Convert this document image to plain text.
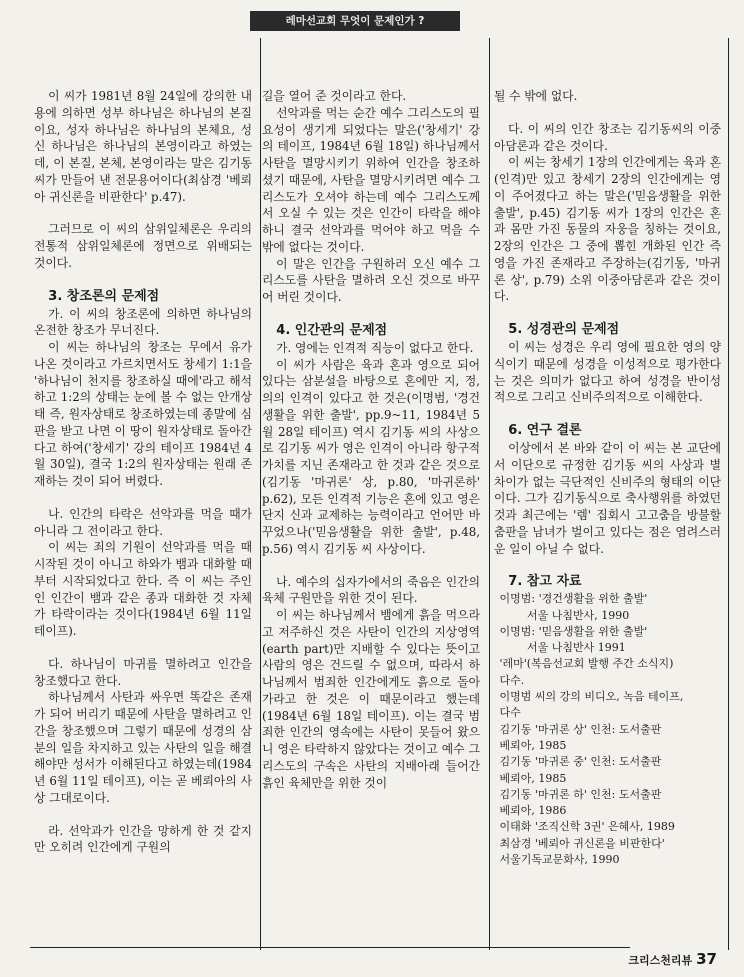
레마선교회 무엇이 문제인가 ?

이 씨가 1981년 8월 24일에 강의한 내용에 의하면 성부 하나님은 하나님의 본질이요, 성자 하나님은 하나님의 본체요, 성신 하나님은 하나님의 본영이라고 하였는데, 이 본질, 본체, 본영이라는 말은 김기동 씨가 만들어 낸 전문용어이다(최삼경 '베뢰아 귀신론을 비판한다' p.47).

그러므로 이 씨의 삼위일체론은 우리의 전통적 삼위일체론에 정면으로 위배되는 것이다.

3. 창조론의 문제점

가. 이 씨의 창조론에 의하면 하나님의 온전한 창조가 무너진다.

이 씨는 하나님의 창조는 무에서 유가 나온 것이라고 가르치면서도 창세기 1:1을 '하나님이 천지를 창조하실 때에'라고 해석하고 1:2의 상태는 눈에 볼 수 없는 안개상태 즉, 원자상태로 창조하였는데 종말에 심판을 받고 나면 이 땅이 원자상태로 돌아간다고 하여('창세기' 강의 테이프 1984년 4월 30일), 결국 1:2의 원자상태는 원래 존재하는 것이 되어 버렸다.

나. 인간의 타락은 선악과를 먹을 때가 아니라 그 전이라고 한다.

이 씨는 죄의 기원이 선악과를 먹을 때 시작된 것이 아니고 하와가 뱀과 대화할 때부터 시작되었다고 한다. 즉 이 씨는 주인인 인간이 뱀과 같은 종과 대화한 것 자체가 타락이라는 것이다(1984년 6월 11일 테이프).

다. 하나님이 마귀를 멸하려고 인간을 창조했다고 한다.

하나님께서 사탄과 싸우면 똑같은 존재가 되어 버리기 때문에 사탄을 멸하려고 인간을 창조했으며 그렇기 때문에 성경의 삼분의 일을 차지하고 있는 사탄의 일을 해결해야만 성서가 이해된다고 하였는데(1984년 6월 11일 테이프), 이는 곧 베뢰아의 사상 그대로이다.

라. 선악과가 인간을 망하게 한 것 같지만 오히려 인간에게 구원의

길을 열어 준 것이라고 한다.

선악과를 먹는 순간 예수 그리스도의 필요성이 생기게 되었다는 말은('창세기' 강의 테이프, 1984년 6월 18일) 하나님께서 사탄을 멸망시키기 위하여 인간을 창조하셨기 때문에, 사탄을 멸망시키려면 예수 그리스도가 오셔야 하는데 예수 그리스도께서 오실 수 있는 것은 인간이 타락을 해야하니 결국 선악과를 먹어야 하고 먹을 수 밖에 없다는 것이다.

이 말은 인간을 구원하러 오신 예수 그리스도를 사탄을 멸하려 오신 것으로 바꾸어 버린 것이다.

4. 인간관의 문제점

가. 영에는 인격적 직능이 없다고 한다.

이 씨가 사람은 육과 혼과 영으로 되어 있다는 삼분설을 바탕으로 혼에만 지, 정, 의의 인격이 있다고 한 것은(이명범, '경건생활을 위한 출발', pp.9~11, 1984년 5월 28일 테이프) 역시 김기동 씨의 사상으로 김기동 씨가 영은 인격이 아니라 항구적 가치를 지닌 존재라고 한 것과 같은 것으로(김기동 '마귀론' 상, p.80, '마귀론하' p.62), 모든 인격적 기능은 혼에 있고 영은 단지 신과 교제하는 능력이라고 언어만 바꾸었으나('믿음생활을 위한 출발', p.48, p.56) 역시 김기동 씨 사상이다.

나. 예수의 십자가에서의 죽음은 인간의 육체 구원만을 위한 것이 된다.

이 씨는 하나님께서 뱀에게 흙을 먹으라고 저주하신 것은 사탄이 인간의 지상영역(earth part)만 지배할 수 있다는 뜻이고 사람의 영은 건드릴 수 없으며, 따라서 하나님께서 범죄한 인간에게도 흙으로 돌아가라고 한 것은 이 때문이라고 했는데(1984년 6월 18일 테이프). 이는 결국 범죄한 인간의 영속에는 사탄이 못들어 왔으니 영은 타락하지 않았다는 것이고 예수 그리스도의 구속은 사탄의 지배아래 들어간 흙인 육체만을 위한 것이

될 수 밖에 없다.

다. 이 씨의 인간 창조는 김기동씨의 이중아담론과 같은 것이다.

이 씨는 창세기 1장의 인간에게는 육과 혼(인격)만 있고 창세기 2장의 인간에게는 영이 주어졌다고 하는 말은('믿음생활을 위한 출발', p.45) 김기동 씨가 1장의 인간은 혼과 몸만 가진 동물의 자웅을 칭하는 것이요, 2장의 인간은 그 중에 뽑힌 개화된 인간 즉 영을 가진 존재라고 주장하는(김기동, '마귀론 상', p.79) 소위 이중아담론과 같은 것이다.

5. 성경관의 문제점

이 씨는 성경은 우리 영에 필요한 영의 양식이기 때문에 성경을 이성적으로 평가한다는 것은 의미가 없다고 하여 성경을 반이성적으로 그리고 신비주의적으로 이해한다.

6. 연구 결론

이상에서 본 바와 같이 이 씨는 본 교단에서 이단으로 규정한 김기동 씨의 사상과 별 차이가 없는 극단적인 신비주의 형태의 이단이다. 그가 김기동식으로 축사행위를 하였던 것과 최근에는 '렘' 집회시 고고춤을 방불할 춤판을 남녀가 벌이고 있다는 점은 염려스러운 일이 아닐 수 없다.

7. 참고 자료
이명범: '경건생활을 위한 출발'
서울 나침반사, 1990
이명범: '믿음생활을 위한 출발'
서울 나침반사 1991
'레마'(복음선교회 발행 주간 소식지)
다수.
이명범 씨의 강의 비디오, 녹음 테이프,
다수
김기동 '마귀론 상' 인천: 도서출판
베뢰아, 1985
김기동 '마귀론 중' 인천: 도서출판
베뢰아, 1985
김기동 '마귀론 하' 인천: 도서출판
베뢰아, 1986
이태화 '조직신학 3권' 은혜사, 1989
최삼경 '베뢰아 귀신론을 비판한다'
서울기독교문화사, 1990
크리스천리뷰 37
